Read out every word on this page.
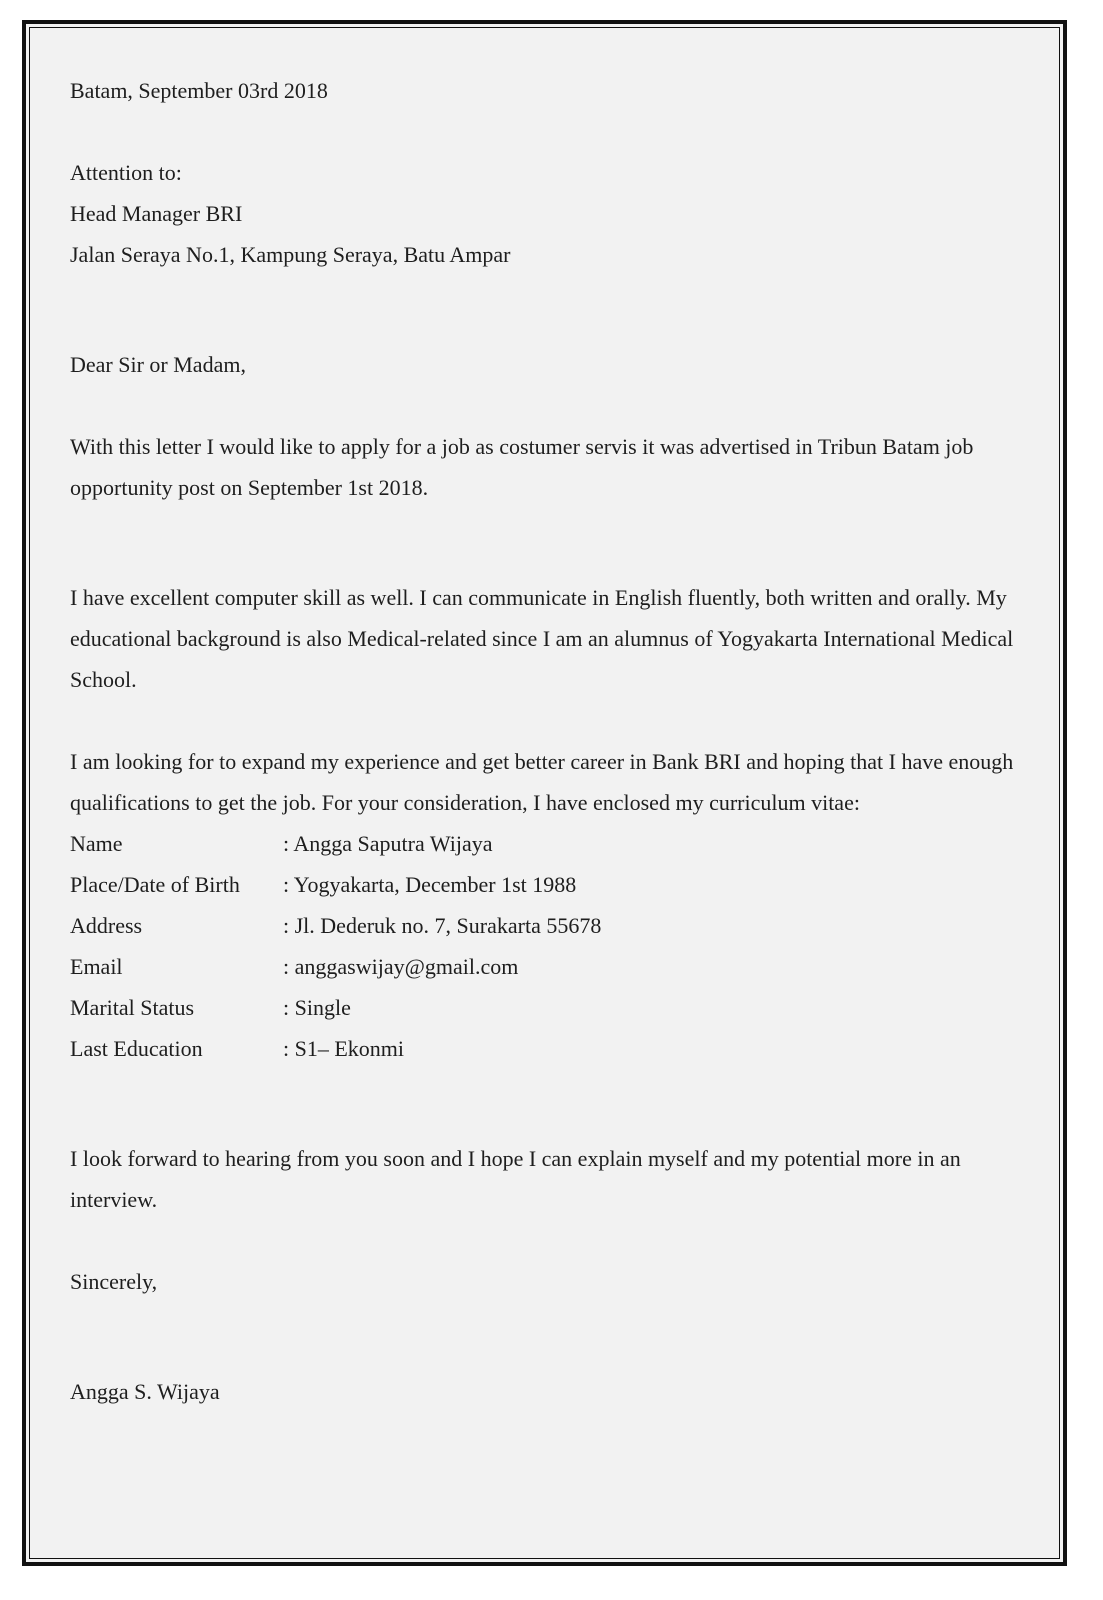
Batam, September 03rd 2018

Attention to:

Head Manager BRI

Jalan Seraya No.1, Kampung Seraya, Batu Ampar

Dear Sir or Madam,

With this letter I would like to apply for a job as costumer servis it was advertised in Tribun Batam job opportunity post on September 1st 2018.

I have excellent computer skill as well. I can communicate in English fluently, both written and orally. My educational background is also Medical-related since I am an alumnus of Yogyakarta International Medical School.

I am looking for to expand my experience and get better career in Bank BRI and hoping that I have enough qualifications to get the job. For your consideration, I have enclosed my curriculum vitae:

Name	: Angga Saputra Wijaya
Place/Date of Birth	: Yogyakarta, December 1st 1988
Address	: Jl. Dederuk no. 7, Surakarta 55678
Email	: anggaswijay@gmail.com
Marital Status	: Single
Last Education	: S1– Ekonmi

I look forward to hearing from you soon and I hope I can explain myself and my potential more in an interview.

Sincerely,

Angga S. Wijaya
